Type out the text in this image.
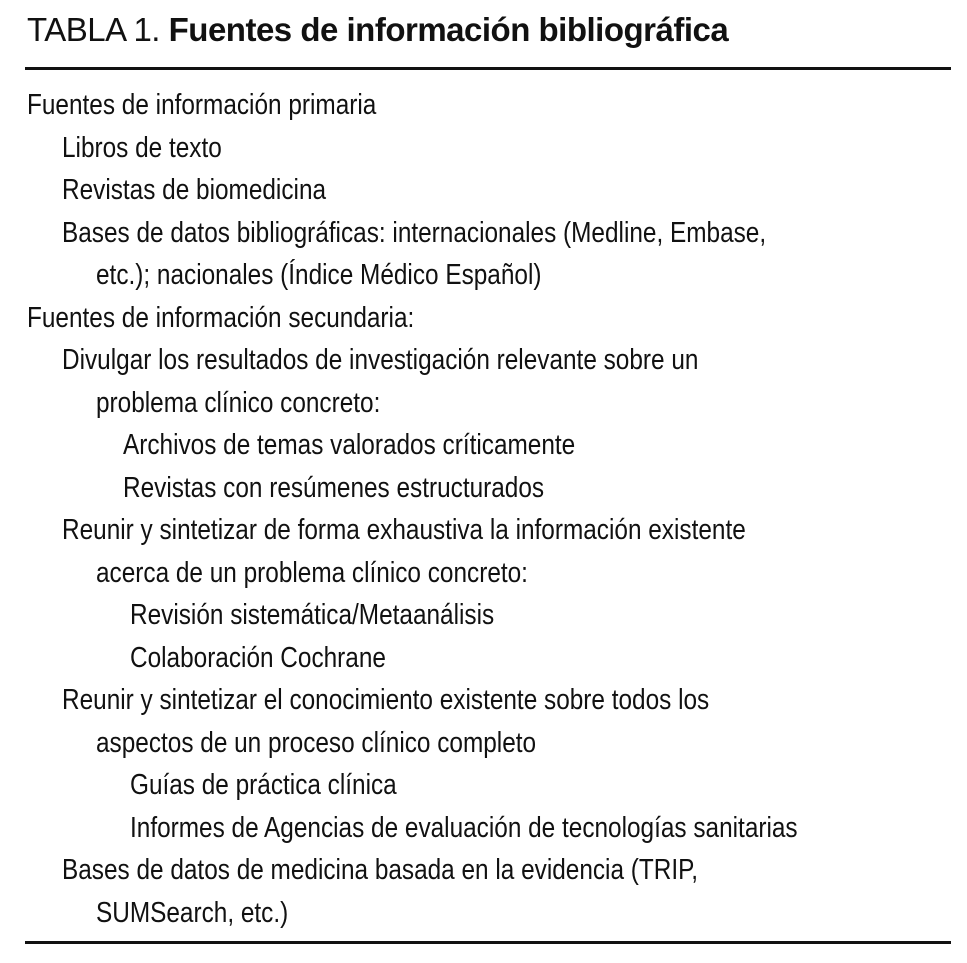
TABLA 1. Fuentes de información bibliográfica
Fuentes de información primaria
Libros de texto
Revistas de biomedicina
Bases de datos bibliográficas: internacionales (Medline, Embase,
etc.); nacionales (Índice Médico Español)
Fuentes de información secundaria:
Divulgar los resultados de investigación relevante sobre un
problema clínico concreto:
Archivos de temas valorados críticamente
Revistas con resúmenes estructurados
Reunir y sintetizar de forma exhaustiva la información existente
acerca de un problema clínico concreto:
Revisión sistemática/Metaanálisis
Colaboración Cochrane
Reunir y sintetizar el conocimiento existente sobre todos los
aspectos de un proceso clínico completo
Guías de práctica clínica
Informes de Agencias de evaluación de tecnologías sanitarias
Bases de datos de medicina basada en la evidencia (TRIP,
SUMSearch, etc.)
